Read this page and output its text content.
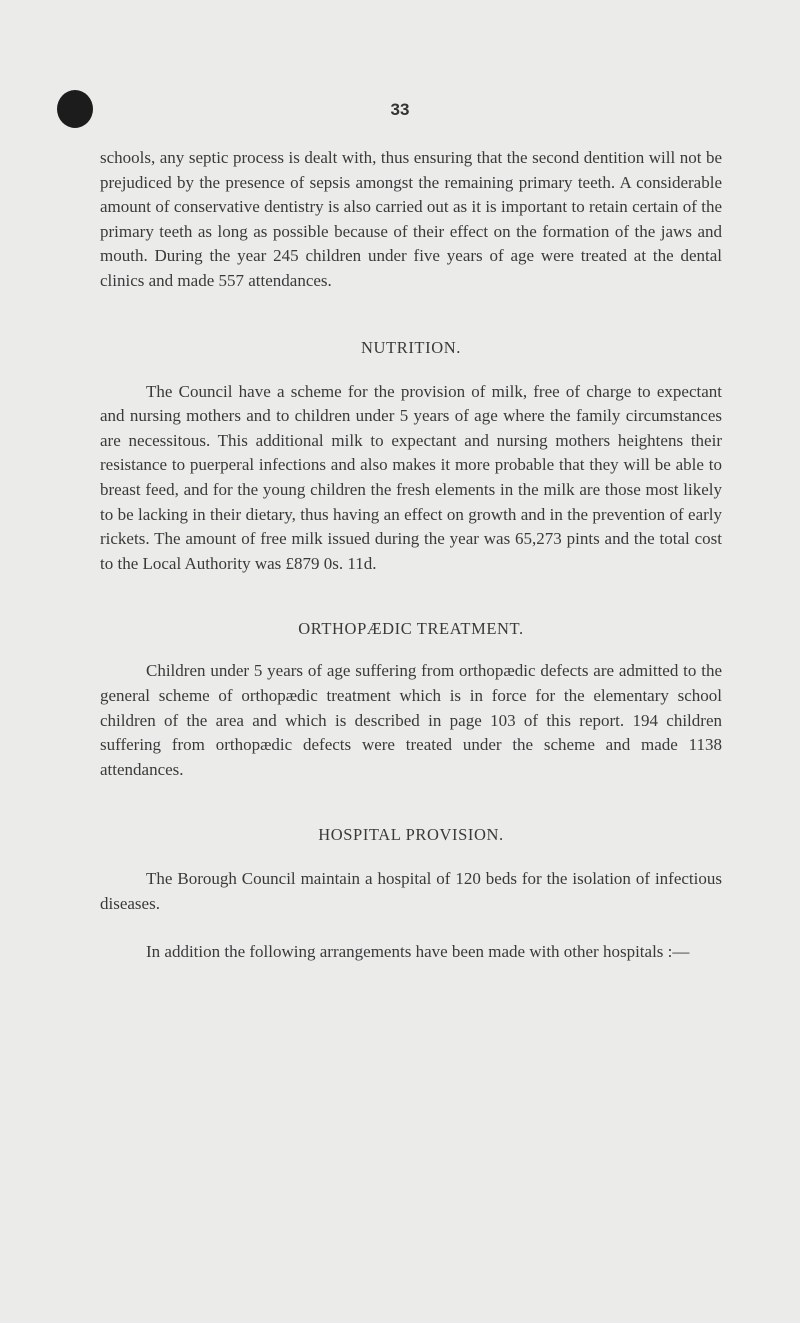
33

schools, any septic process is dealt with, thus ensuring that the second dentition will not be prejudiced by the presence of sepsis amongst the remaining primary teeth. A considerable amount of conservative dentistry is also carried out as it is important to retain certain of the primary teeth as long as possible because of their effect on the formation of the jaws and mouth. During the year 245 children under five years of age were treated at the dental clinics and made 557 attendances.

NUTRITION.

The Council have a scheme for the provision of milk, free of charge to expectant and nursing mothers and to children under 5 years of age where the family circumstances are necessitous. This additional milk to expectant and nursing mothers heightens their resistance to puerperal infections and also makes it more probable that they will be able to breast feed, and for the young children the fresh elements in the milk are those most likely to be lacking in their dietary, thus having an effect on growth and in the prevention of early rickets. The amount of free milk issued during the year was 65,273 pints and the total cost to the Local Authority was £879 0s. 11d.

ORTHOPÆDIC TREATMENT.

Children under 5 years of age suffering from orthopædic defects are admitted to the general scheme of orthopædic treatment which is in force for the elementary school children of the area and which is described in page 103 of this report. 194 children suffering from orthopædic defects were treated under the scheme and made 1138 attendances.

HOSPITAL PROVISION.

The Borough Council maintain a hospital of 120 beds for the isolation of infectious diseases.

In addition the following arrangements have been made with other hospitals :—
